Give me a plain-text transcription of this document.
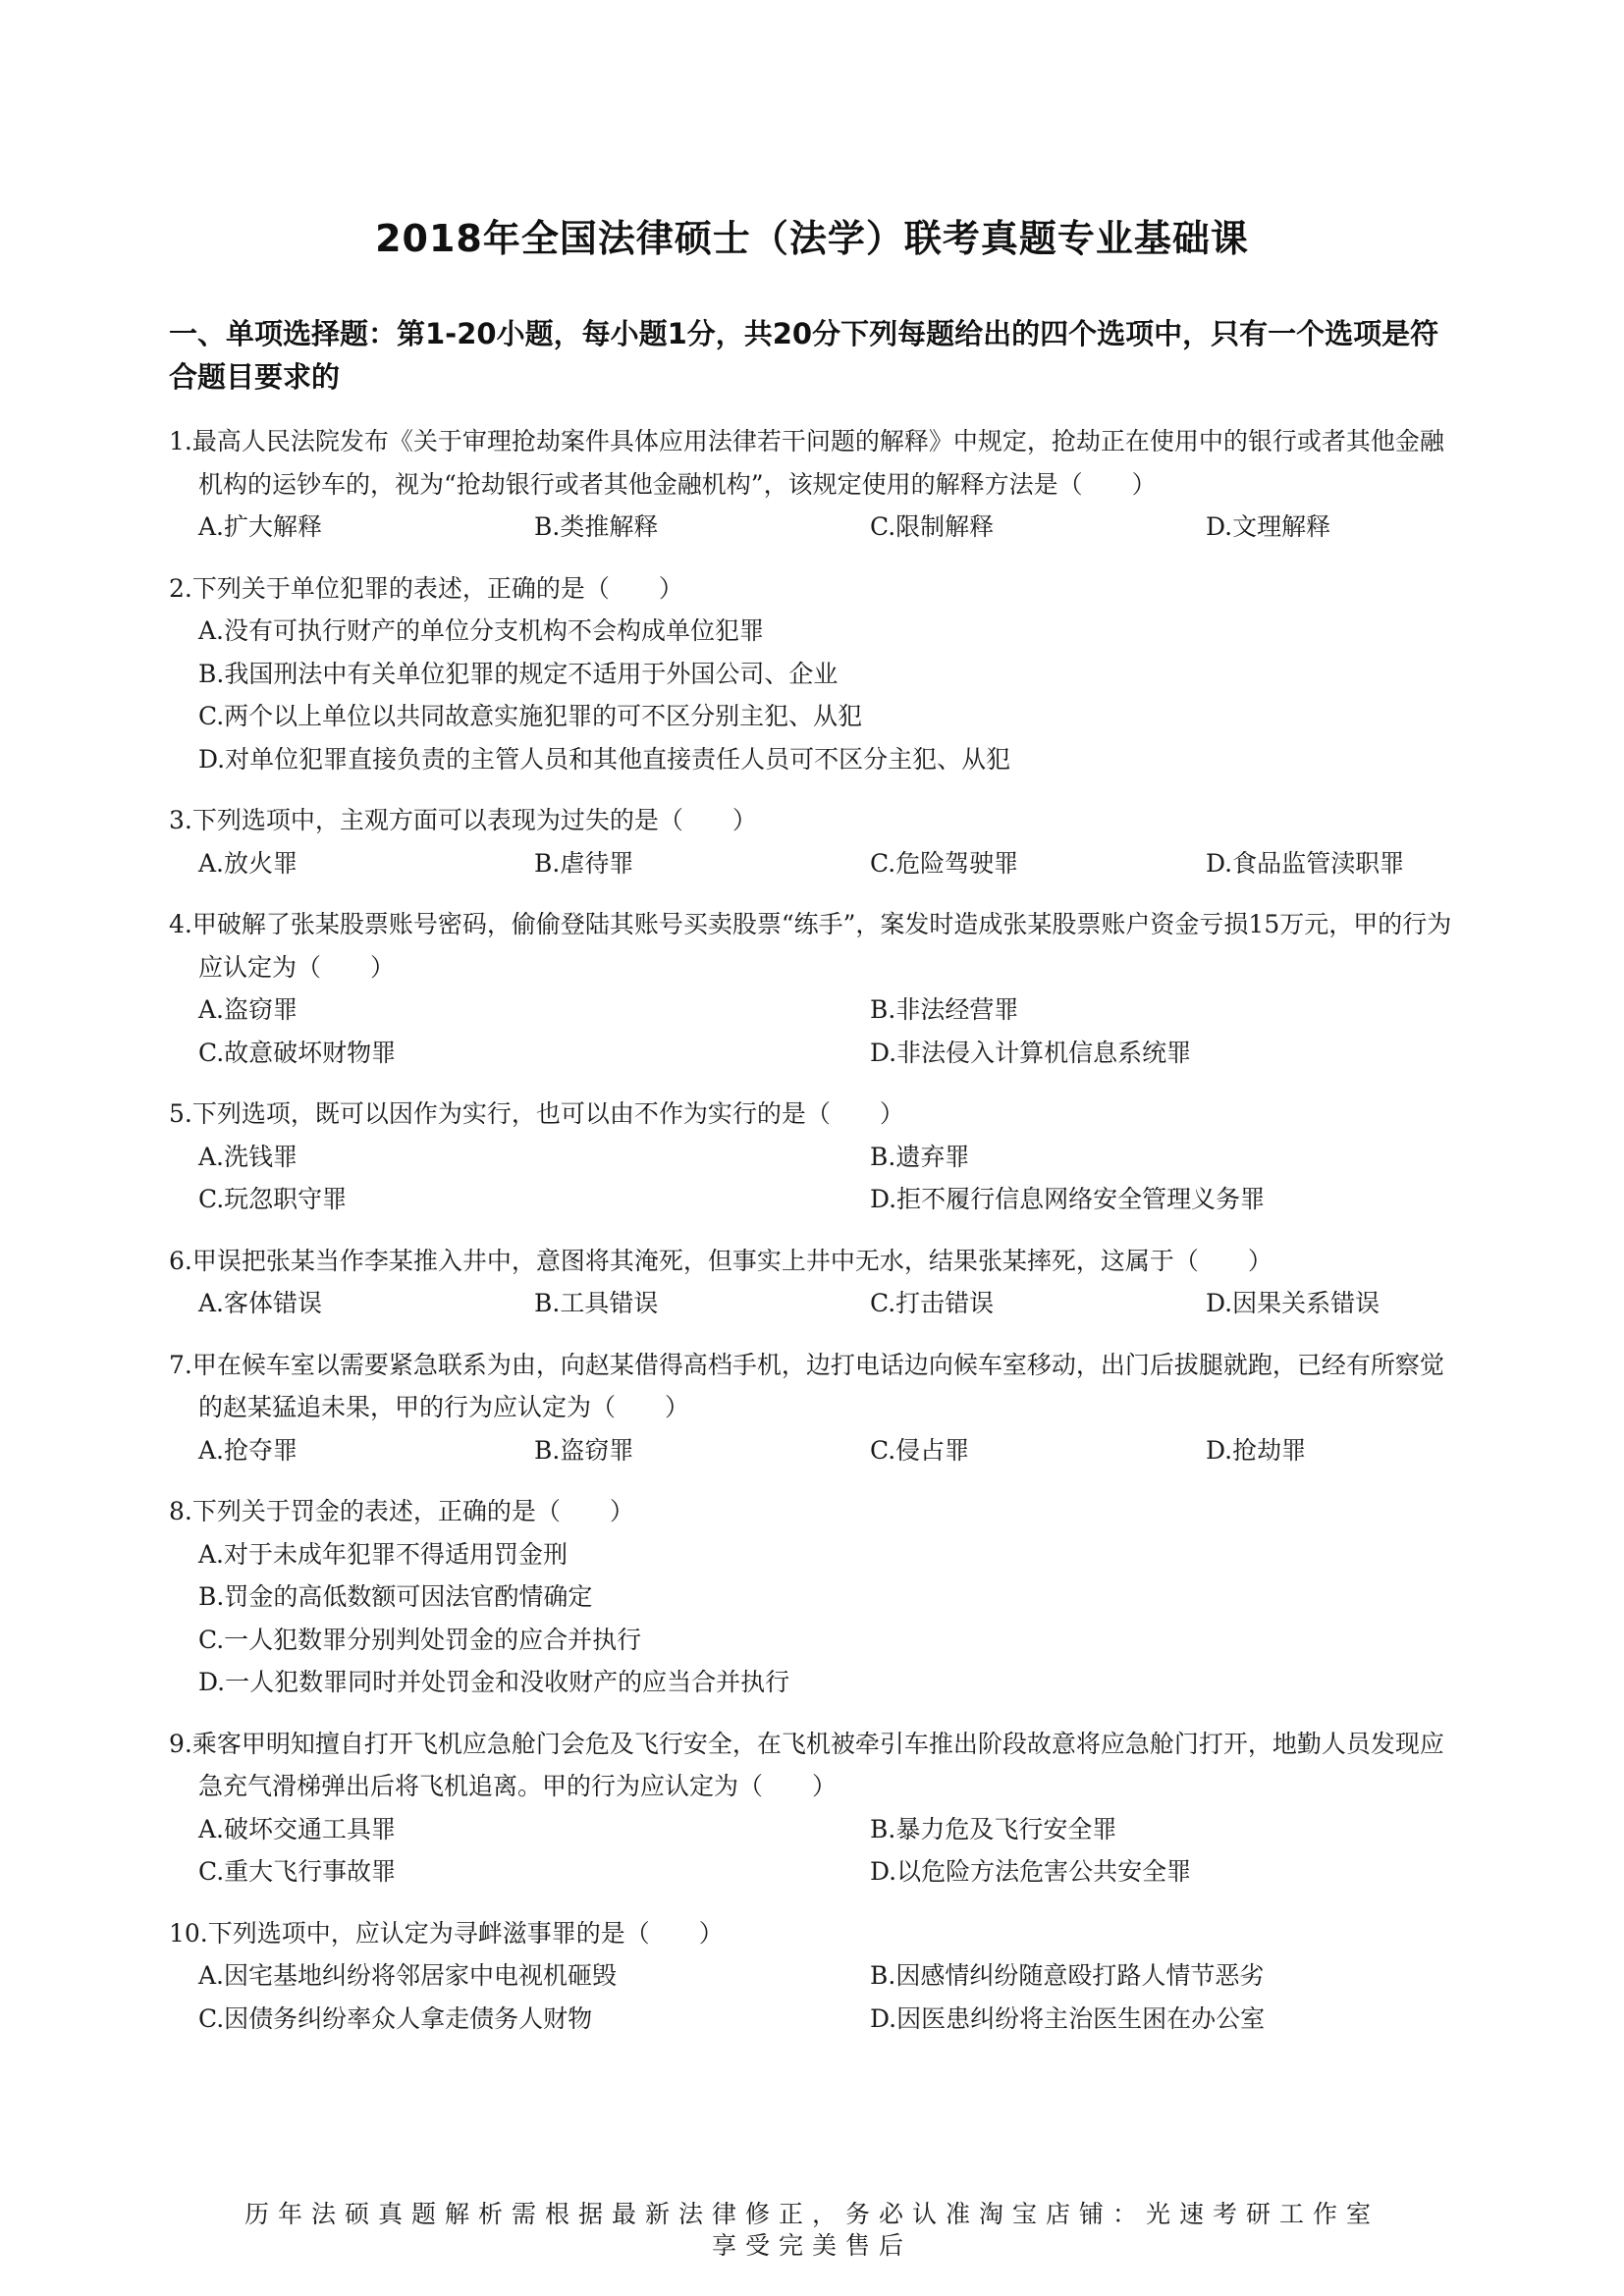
2018年全国法律硕士（法学）联考真题专业基础课
一、单项选择题：第1-20小题，每小题1分，共20分下列每题给出的四个选项中，只有一个选项是符合题目要求的
1.最高人民法院发布《关于审理抢劫案件具体应用法律若干问题的解释》中规定，抢劫正在使用中的银行或者其他金融机构的运钞车的，视为“抢劫银行或者其他金融机构”，该规定使用的解释方法是（　　）
A.扩大解释	B.类推解释	C.限制解释	D.文理解释
2.下列关于单位犯罪的表述，正确的是（　　）
A.没有可执行财产的单位分支机构不会构成单位犯罪
B.我国刑法中有关单位犯罪的规定不适用于外国公司、企业
C.两个以上单位以共同故意实施犯罪的可不区分别主犯、从犯
D.对单位犯罪直接负责的主管人员和其他直接责任人员可不区分主犯、从犯
3.下列选项中，主观方面可以表现为过失的是（　　）
A.放火罪	B.虐待罪	C.危险驾驶罪	D.食品监管渎职罪
4.甲破解了张某股票账号密码，偷偷登陆其账号买卖股票“练手”，案发时造成张某股票账户资金亏损15万元，甲的行为应认定为（　　）
A.盗窃罪	B.非法经营罪
C.故意破坏财物罪	D.非法侵入计算机信息系统罪
5.下列选项，既可以因作为实行，也可以由不作为实行的是（　　）
A.洗钱罪	B.遗弃罪
C.玩忽职守罪	D.拒不履行信息网络安全管理义务罪
6.甲误把张某当作李某推入井中，意图将其淹死，但事实上井中无水，结果张某摔死，这属于（　　）
A.客体错误	B.工具错误	C.打击错误	D.因果关系错误
7.甲在候车室以需要紧急联系为由，向赵某借得高档手机，边打电话边向候车室移动，出门后拔腿就跑，已经有所察觉的赵某猛追未果，甲的行为应认定为（　　）
A.抢夺罪	B.盗窃罪	C.侵占罪	D.抢劫罪
8.下列关于罚金的表述，正确的是（　　）
A.对于未成年犯罪不得适用罚金刑
B.罚金的高低数额可因法官酌情确定
C.一人犯数罪分别判处罚金的应合并执行
D.一人犯数罪同时并处罚金和没收财产的应当合并执行
9.乘客甲明知擅自打开飞机应急舱门会危及飞行安全，在飞机被牵引车推出阶段故意将应急舱门打开，地勤人员发现应急充气滑梯弹出后将飞机追离。甲的行为应认定为（　　）
A.破坏交通工具罪	B.暴力危及飞行安全罪
C.重大飞行事故罪	D.以危险方法危害公共安全罪
10.下列选项中，应认定为寻衅滋事罪的是（　　）
A.因宅基地纠纷将邻居家中电视机砸毁	B.因感情纠纷随意殴打路人情节恶劣
C.因债务纠纷率众人拿走债务人财物	D.因医患纠纷将主治医生困在办公室
历年法硕真题解析需根据最新法律修正，务必认准淘宝店铺：光速考研工作室
享受完美售后
